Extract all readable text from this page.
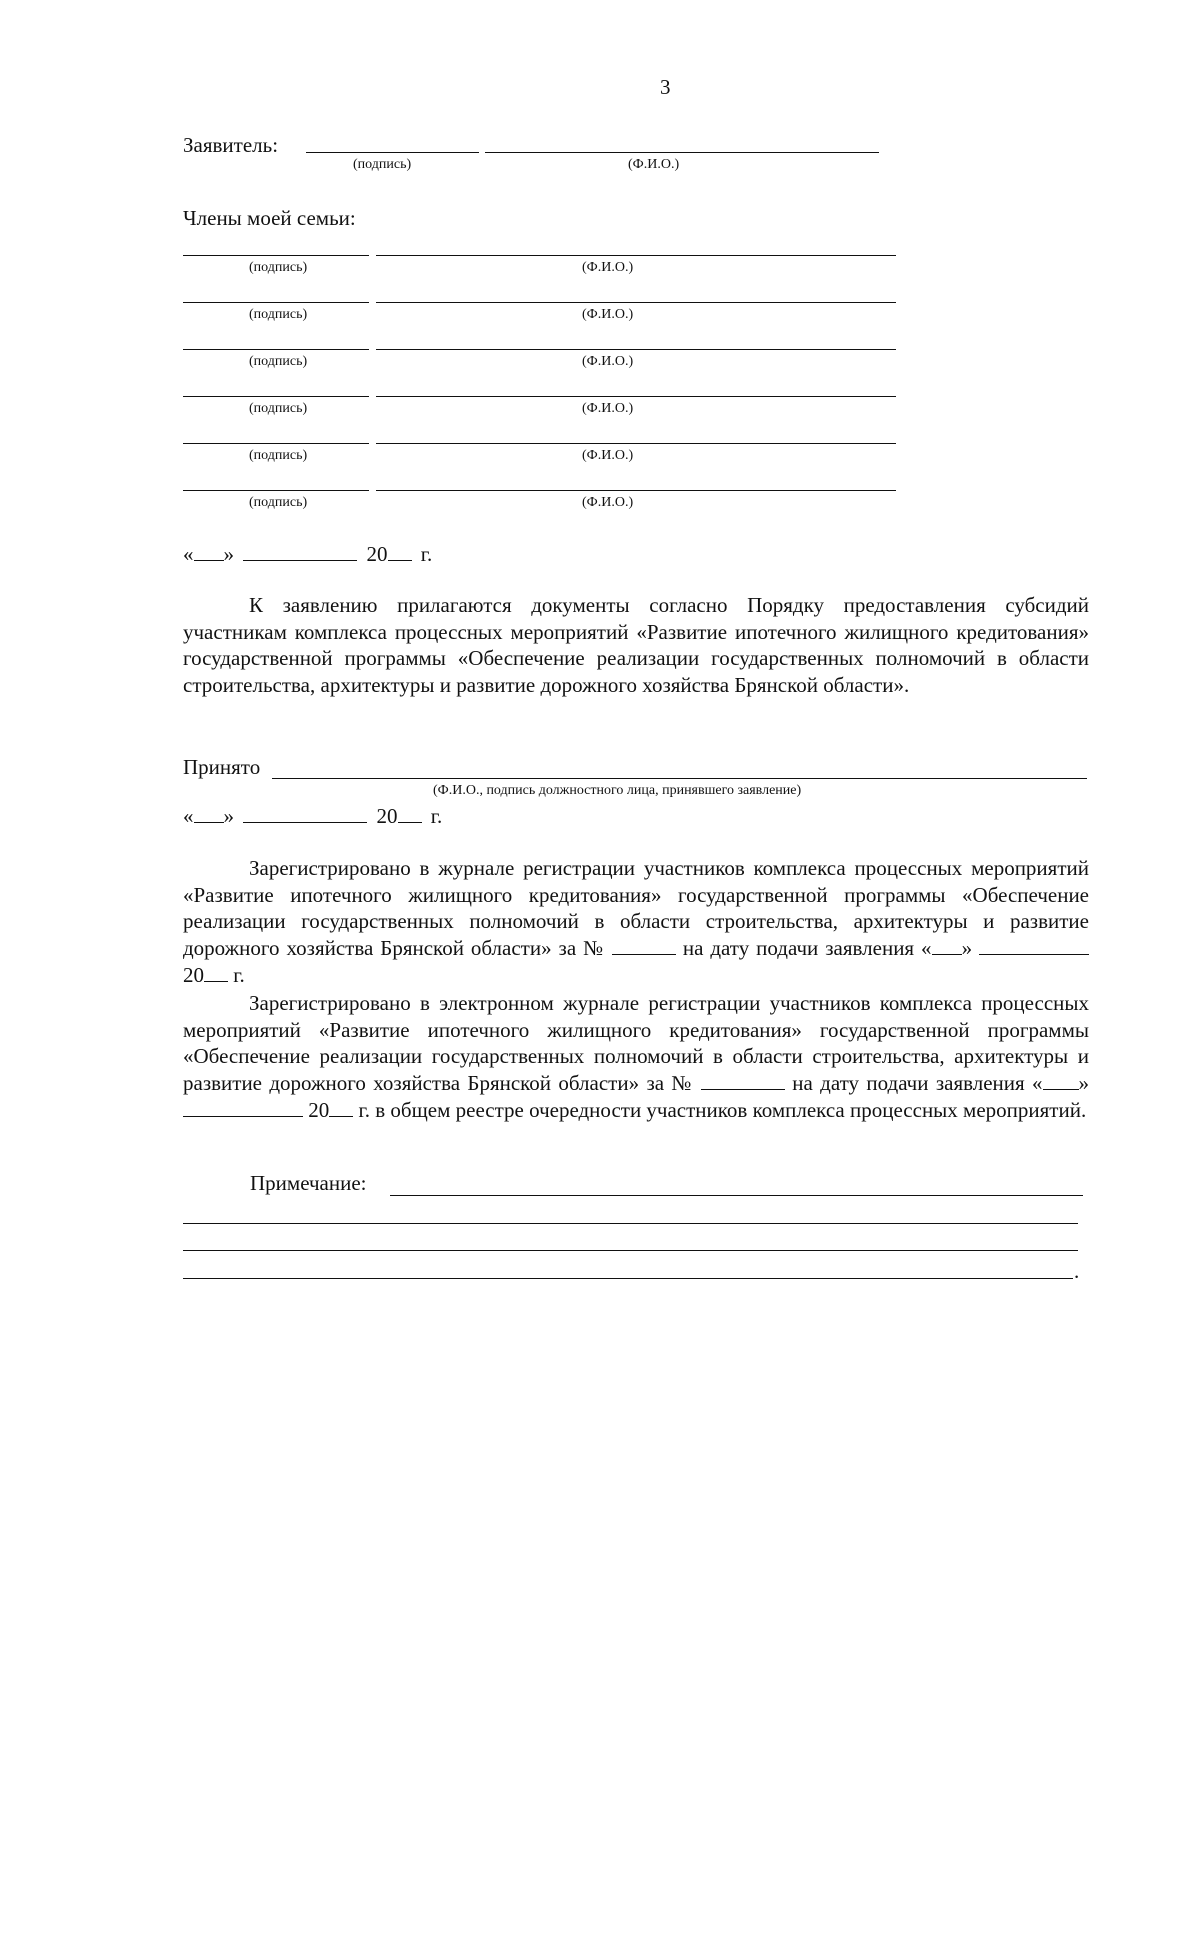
3
Заявитель:
(подпись)	(Ф.И.О.)
Члены моей семьи:
(подпись)	(Ф.И.О.)
(подпись)	(Ф.И.О.)
(подпись)	(Ф.И.О.)
(подпись)	(Ф.И.О.)
(подпись)	(Ф.И.О.)
(подпись)	(Ф.И.О.)
« »	20 г.
К заявлению прилагаются документы согласно Порядку предоставления субсидий участникам комплекса процессных мероприятий «Развитие ипотечного жилищного кредитования» государственной программы «Обеспечение реализации государственных полномочий в области строительства, архитектуры и развитие дорожного хозяйства Брянской области».
Принято
(Ф.И.О., подпись должностного лица, принявшего заявление)
« »	20 г.
Зарегистрировано в журнале регистрации участников комплекса процессных мероприятий «Развитие ипотечного жилищного кредитования» государственной программы «Обеспечение реализации государственных полномочий в области строительства, архитектуры и развитие дорожного хозяйства Брянской области» за №	на дату подачи заявления « »  20 г.
Зарегистрировано в электронном журнале регистрации участников комплекса процессных мероприятий «Развитие ипотечного жилищного кредитования» государственной программы «Обеспечение реализации государственных полномочий в области строительства, архитектуры и развитие дорожного хозяйства Брянской области» за №	на дату подачи заявления « » 20 г. в общем реестре очередности участников комплекса процессных мероприятий.
Примечание:
.
